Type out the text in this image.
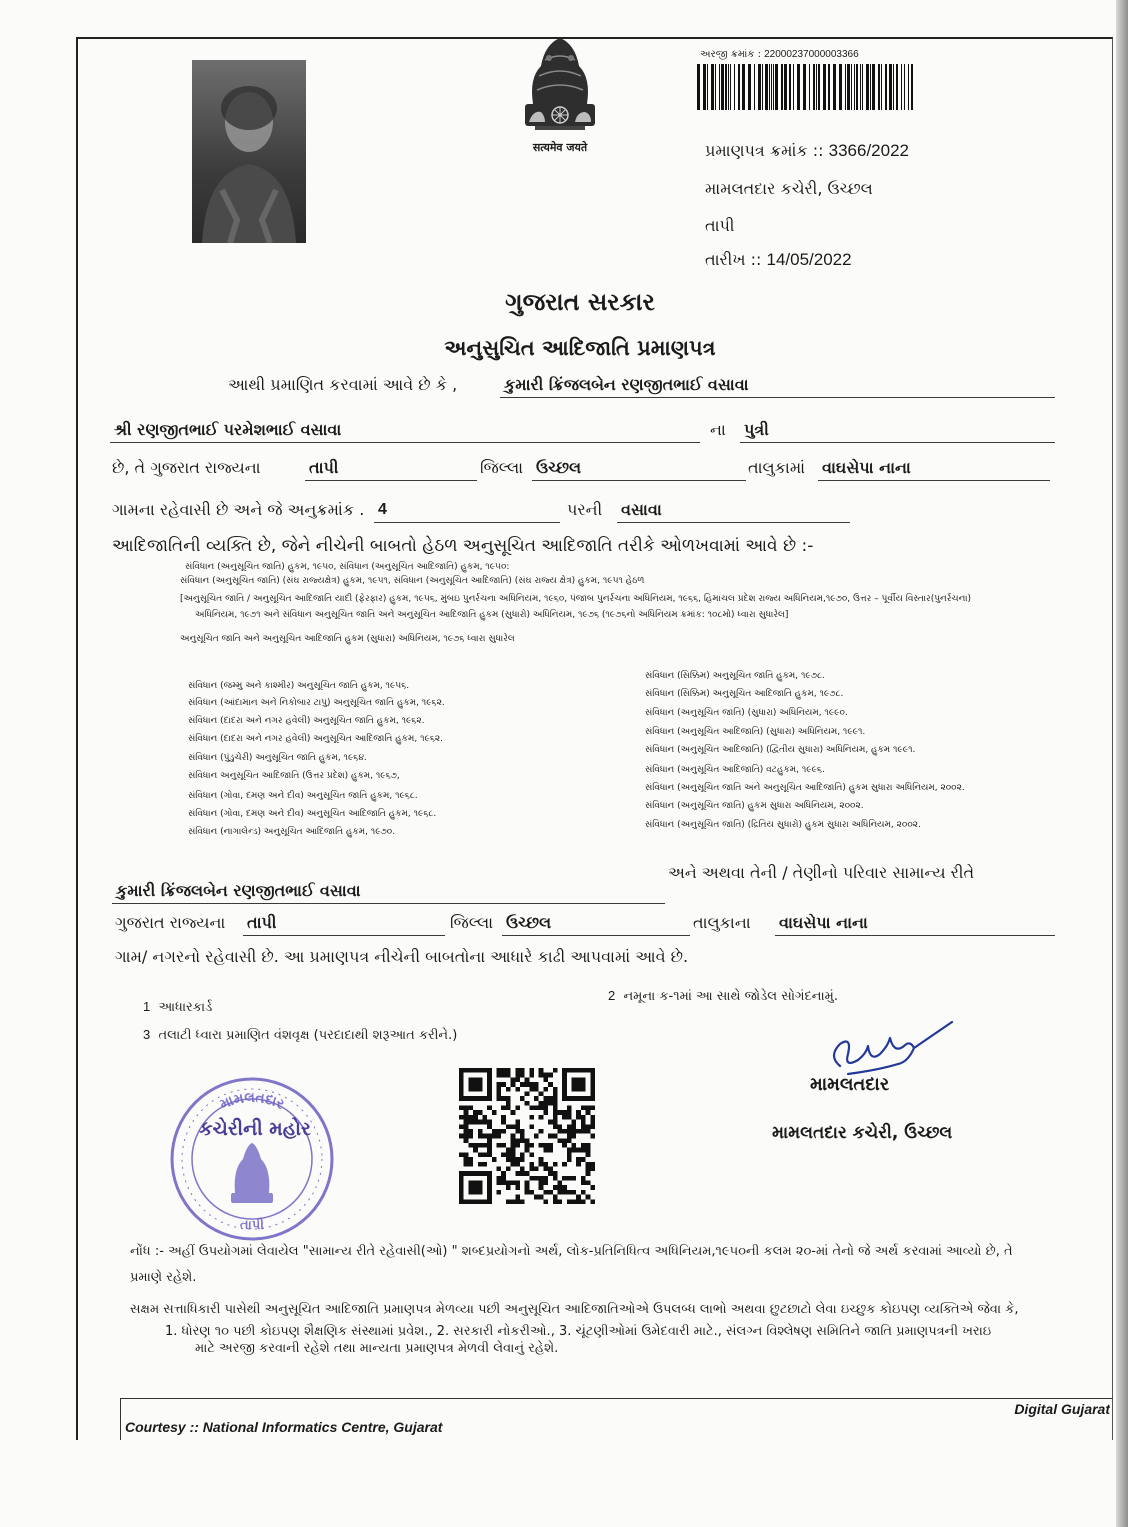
सत्यमेव जयते
અરજી ક્રમાંક : 22000237000003366
પ્રમાણપત્ર ક્રમાંક :: 3366/2022
મામલતદાર કચેરી, ઉચ્છલ
તાપી
તારીખ :: 14/05/2022
ગુજરાત સરકાર
અનુસુચિત આદિજાતિ પ્રમાણપત્ર
આથી પ્રમાણિત કરવામાં આવે છે કે ,	કુમારી ક્રિંજલબેન રણજીતભાઈ વસાવા
શ્રી રણજીતભાઈ પરમેશભાઈ વસાવા	ના	પુત્રી
છે, તે ગુજરાત રાજ્યના	તાપી	જિલ્લા ઉચ્છલ	તાલુકામાં	વાઘસેપા નાના
ગામના રહેવાસી છે અને જે અનુક્રમાંક . 4	પરની	વસાવા
આદિજાતિની વ્યક્તિ છે, જેને નીચેની બાબતો હેઠળ અનુસૂચિત આદિજાતિ તરીકે ઓળખવામાં આવે છે :-
સંવિધાન (અનુસૂચિત જાતિ) હુકમ, ૧૯૫૦, સંવિધાન (અનુસૂચિત આદિજાતિ) હુકમ, ૧૯૫૦:
સંવિધાન (અનુસૂચિત જાતિ) (સંઘ રાજ્યક્ષેત્ર) હુકમ, ૧૯૫૧, સંવિધાન (અનુસૂચિત આદિજાતિ) (સંઘ રાજ્ય ક્ષેત્ર) હુકમ, ૧૯૫૧ હેઠળ
[અનુસૂચિત જાતિ / અનુસૂચિત આદિજાતિ યાદી (ફેરફાર) હુકમ, ૧૯૫૬, મુંબઇ પુનર્રચના અધિનિયમ, ૧૯૬૦, પંજાબ પુનર્રચના અધિનિયમ, ૧૯૬૬, હિમાચલ પ્રદેશ રાજ્ય અધિનિયમ,૧૯૭૦, ઉત્તર – પૂર્વીય વિસ્તાર(પુનર્રચના)
અધિનિયમ, ૧૯૭૧ અને સંવિધાન અનુસૂચિત જાતિ અને અનુસૂચિત આદિજાતિ હુકમ (સુધારો) અધિનિયમ, ૧૯૭૬ (૧૯૭૬નો અધિનિયમ ક્રમાંક: ૧૦૮મો) ધ્વારા સુધારેલ]
અનુસૂચિત જાતિ અને અનુસૂચિત આદિજાતિ હુકમ (સુધારા) અધિનિયમ, ૧૯૭૬ ધ્વારા સુધારેલ
સંવિધાન (જમ્મુ અને કાશ્મીર) અનુસૂચિત જાતિ હુકમ, ૧૯૫૬.
સંવિધાન (આંદામાન અને નિકોબાર ટાપુ) અનુસૂચિત જાતિ હુકમ, ૧૯૬૨.
સંવિધાન (દાદરા અને નગર હવેલી) અનુસૂચિત જાતિ હુકમ, ૧૯૬૨.
સંવિધાન (દાદરા અને નગર હવેલી) અનુસૂચિત આદિજાતિ હુકમ, ૧૯૬૨.
સંવિધાન (પુંડુચેરી) અનુસૂચિત જાતિ હુકમ, ૧૯૬૪.
સંવિધાન અનુસૂચિત આદિજાતિ (ઉત્તર પ્રદેશ) હુકમ, ૧૯૬૭,
સંવિધાન (ગોવા, દમણ અને દીવ) અનુસૂચિત જાતિ હુકમ, ૧૯૬૮.
સંવિધાન (ગોવા, દમણ અને દીવ) અનુસૂચિત આદિજાતિ હુકમ, ૧૯૬૮.
સંવિધાન (નાગાલેન્ડ) અનુસૂચિત આદિજાતિ હુકમ, ૧૯૭૦.
સંવિધાન (સિક્કિમ) અનુસૂચિત જાતિ હુકમ, ૧૯૭૮.
સંવિધાન (સિક્કિમ) અનુસૂચિત આદિજાતિ હુકમ, ૧૯૭૮.
સંવિધાન (અનુસૂચિત જાતિ) (સુધારા) અધિનિયમ, ૧૯૯૦.
સંવિધાન (અનુસૂચિત આદિજાતિ) (સુધારા) અધિનિયમ, ૧૯૯૧.
સંવિધાન (અનુસૂચિત આદિજાતિ) (દ્વિતીય સુધારા) અધિનિયમ, હુકમ ૧૯૯૧.
સંવિધાન (અનુસૂચિત આદિજાતિ) વટહુકમ, ૧૯૯૬.
સંવિધાન (અનુસૂચિત જાતિ અને અનુસૂચિત આદિજાતિ) હુકમ સુધારા અધિનિયમ, ૨૦૦૨.
સંવિધાન (અનુસૂચિત જાતિ) હુકમ સુધારા અધિનિયમ, ૨૦૦૨.
સંવિધાન (અનુસૂચિત જાતિ) (દ્રિતિય સુધારો) હુકમ સુધારા અધિનિયમ, ૨૦૦૨.
અને અથવા તેની / તેણીનો પરિવાર સામાન્ય રીતે
કુમારી ક્રિંજલબેન રણજીતભાઈ વસાવા
ગુજરાત રાજ્યના	તાપી	જિલ્લા ઉચ્છલ	તાલુકાના	વાઘસેપા નાના
ગામ/ નગરનો રહેવાસી છે. આ પ્રમાણપત્ર નીચેની બાબતોના આધારે કાઢી આપવામાં આવે છે.
1 આધારકાર્ડ
2 નમૂના ક-૧માં આ સાથે જોડેલ સોગંદનામું.
3 તલાટી ધ્વારા પ્રમાણિત વંશવૃક્ષ (પરદાદાથી શરૂઆત કરીને.)
મામલતદાર
મામલતદાર કચેરી, ઉચ્છલ
મામલતદાર
કચેરીની મહોર
તાપી
નોંધ :- અહીં ઉપયોગમાં લેવાયેલ "સામાન્ય રીતે રહેવાસી(ઓ) " શબ્દપ્રયોગનો અર્થ, લોક-પ્રતિનિધિત્વ અધિનિયમ,૧૯૫૦ની કલમ ૨૦-માં તેનો જે અર્થ કરવામાં આવ્યો છે, તે
પ્રમાણે રહેશે.
સક્ષમ સત્તાધિકારી પાસેથી અનુસૂચિત આદિજાતિ પ્રમાણપત્ર મેળવ્યા પછી અનુસૂચિત આદિજાતિઓએ ઉપલબ્ધ લાભો અથવા છુટછાટો લેવા ઇચ્છુક કોઇપણ વ્યક્તિએ જેવા કે,
1. ધોરણ ૧૦ પછી કોઇપણ શૈક્ષણિક સંસ્થામાં પ્રવેશ., 2. સરકારી નોકરીઓ., 3. ચૂંટણીઓમાં ઉમેદવારી માટે., સંલગ્ન વિશ્લેષણ સમિતિને જાતિ પ્રમાણપત્રની ખરાઇ
માટે અરજી કરવાની રહેશે તથા માન્યતા પ્રમાણપત્ર મેળવી લેવાનું રહેશે.
Courtesy :: National Informatics Centre, Gujarat
Digital Gujarat
